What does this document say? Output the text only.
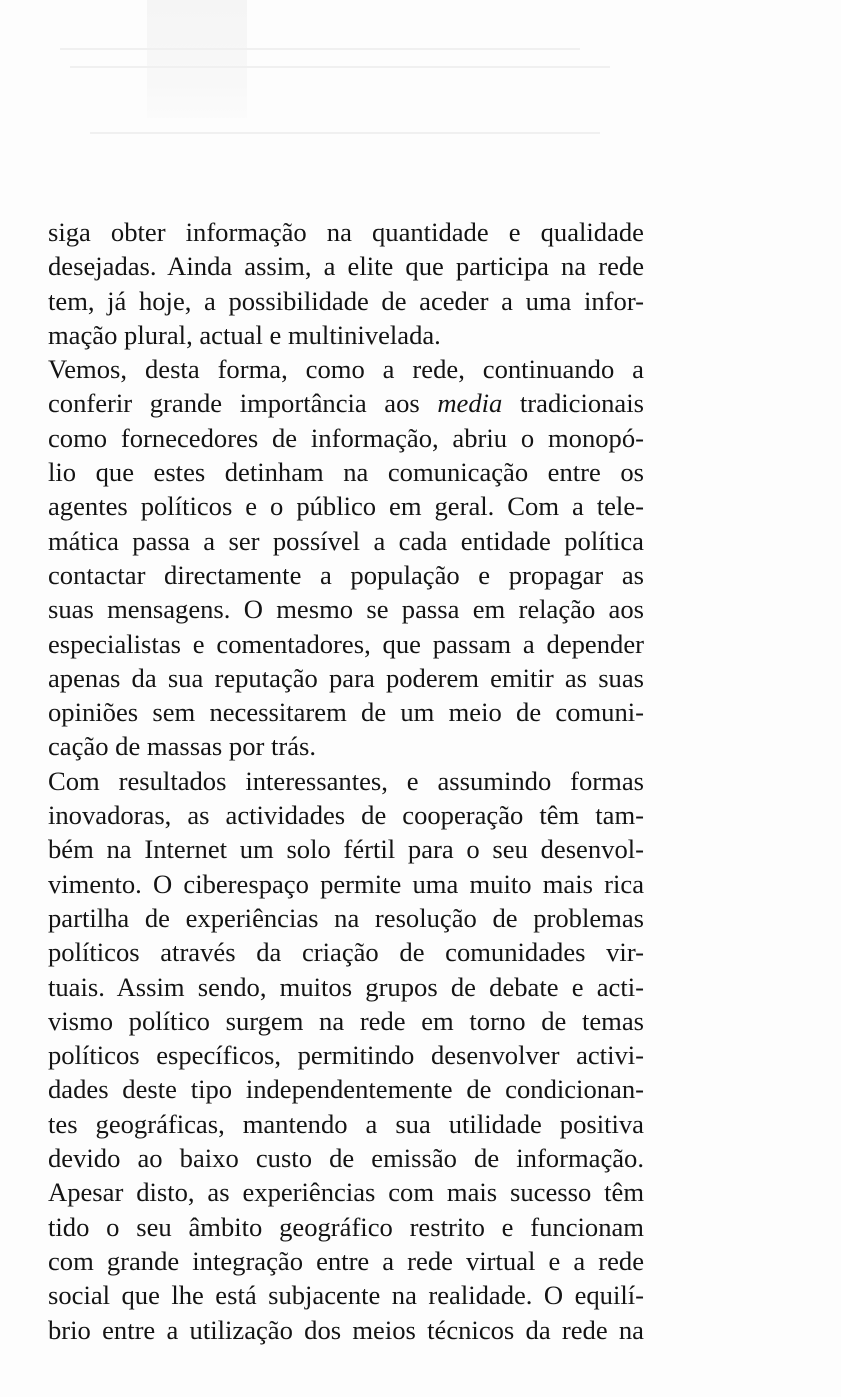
siga obter informação na quantidade e qualidade
desejadas. Ainda assim, a elite que participa na rede
tem, já hoje, a possibilidade de aceder a uma infor-
mação plural, actual e multinivelada.
Vemos, desta forma, como a rede, continuando a
conferir grande importância aos media tradicionais
como fornecedores de informação, abriu o monopó-
lio que estes detinham na comunicação entre os
agentes políticos e o público em geral. Com a tele-
mática passa a ser possível a cada entidade política
contactar directamente a população e propagar as
suas mensagens. O mesmo se passa em relação aos
especialistas e comentadores, que passam a depender
apenas da sua reputação para poderem emitir as suas
opiniões sem necessitarem de um meio de comuni-
cação de massas por trás.
Com resultados interessantes, e assumindo formas
inovadoras, as actividades de cooperação têm tam-
bém na Internet um solo fértil para o seu desenvol-
vimento. O ciberespaço permite uma muito mais rica
partilha de experiências na resolução de problemas
políticos através da criação de comunidades vir-
tuais. Assim sendo, muitos grupos de debate e acti-
vismo político surgem na rede em torno de temas
políticos específicos, permitindo desenvolver activi-
dades deste tipo independentemente de condicionan-
tes geográficas, mantendo a sua utilidade positiva
devido ao baixo custo de emissão de informação.
Apesar disto, as experiências com mais sucesso têm
tido o seu âmbito geográfico restrito e funcionam
com grande integração entre a rede virtual e a rede
social que lhe está subjacente na realidade. O equilí-
brio entre a utilização dos meios técnicos da rede na
